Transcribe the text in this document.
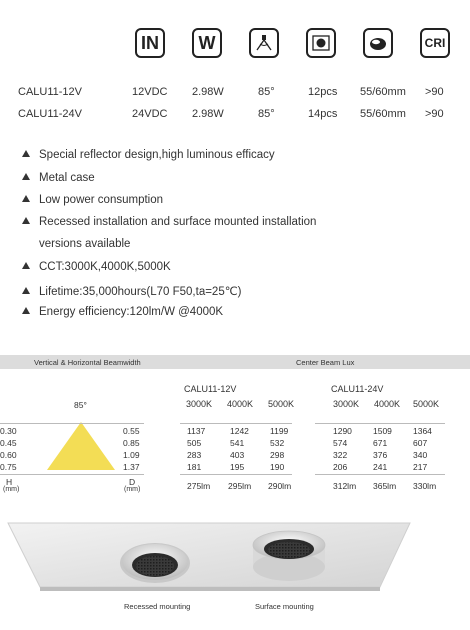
IN W	CRI
CALU11-12V	12VDC 2.98W	85°	12pcs 55/60mm >90
CALU11-24V	24VDC 2.98W	85°	14pcs 55/60mm >90
Special reflector design,high luminous efficacy
Metal case
Low power consumption
Recessed installation and surface mounted installation
versions available
CCT:3000K,4000K,5000K
Lifetime:35,000hours(L70 F50,ta=25℃)
Energy efficiency:120lm/W @4000K
Vertical & Horizontal Beamwidth	Center Beam Lux
CALU11-12V	CALU11-24V
3000K 4000K 5000K	3000K 4000K 5000K
85°
0.30	0.55	1137	1242 1199	1290 1509 1364
0.45	0.85	505	541	532	574	671	607
0.60	1.09	283	403	298	322	376	340
0.75	1.37	181	195	190	206	241	217
H
(mm)
D
(mm)	275lm 295lm 290lm	312lm 365lm 330lm
Recessed mounting	Surface mounting
